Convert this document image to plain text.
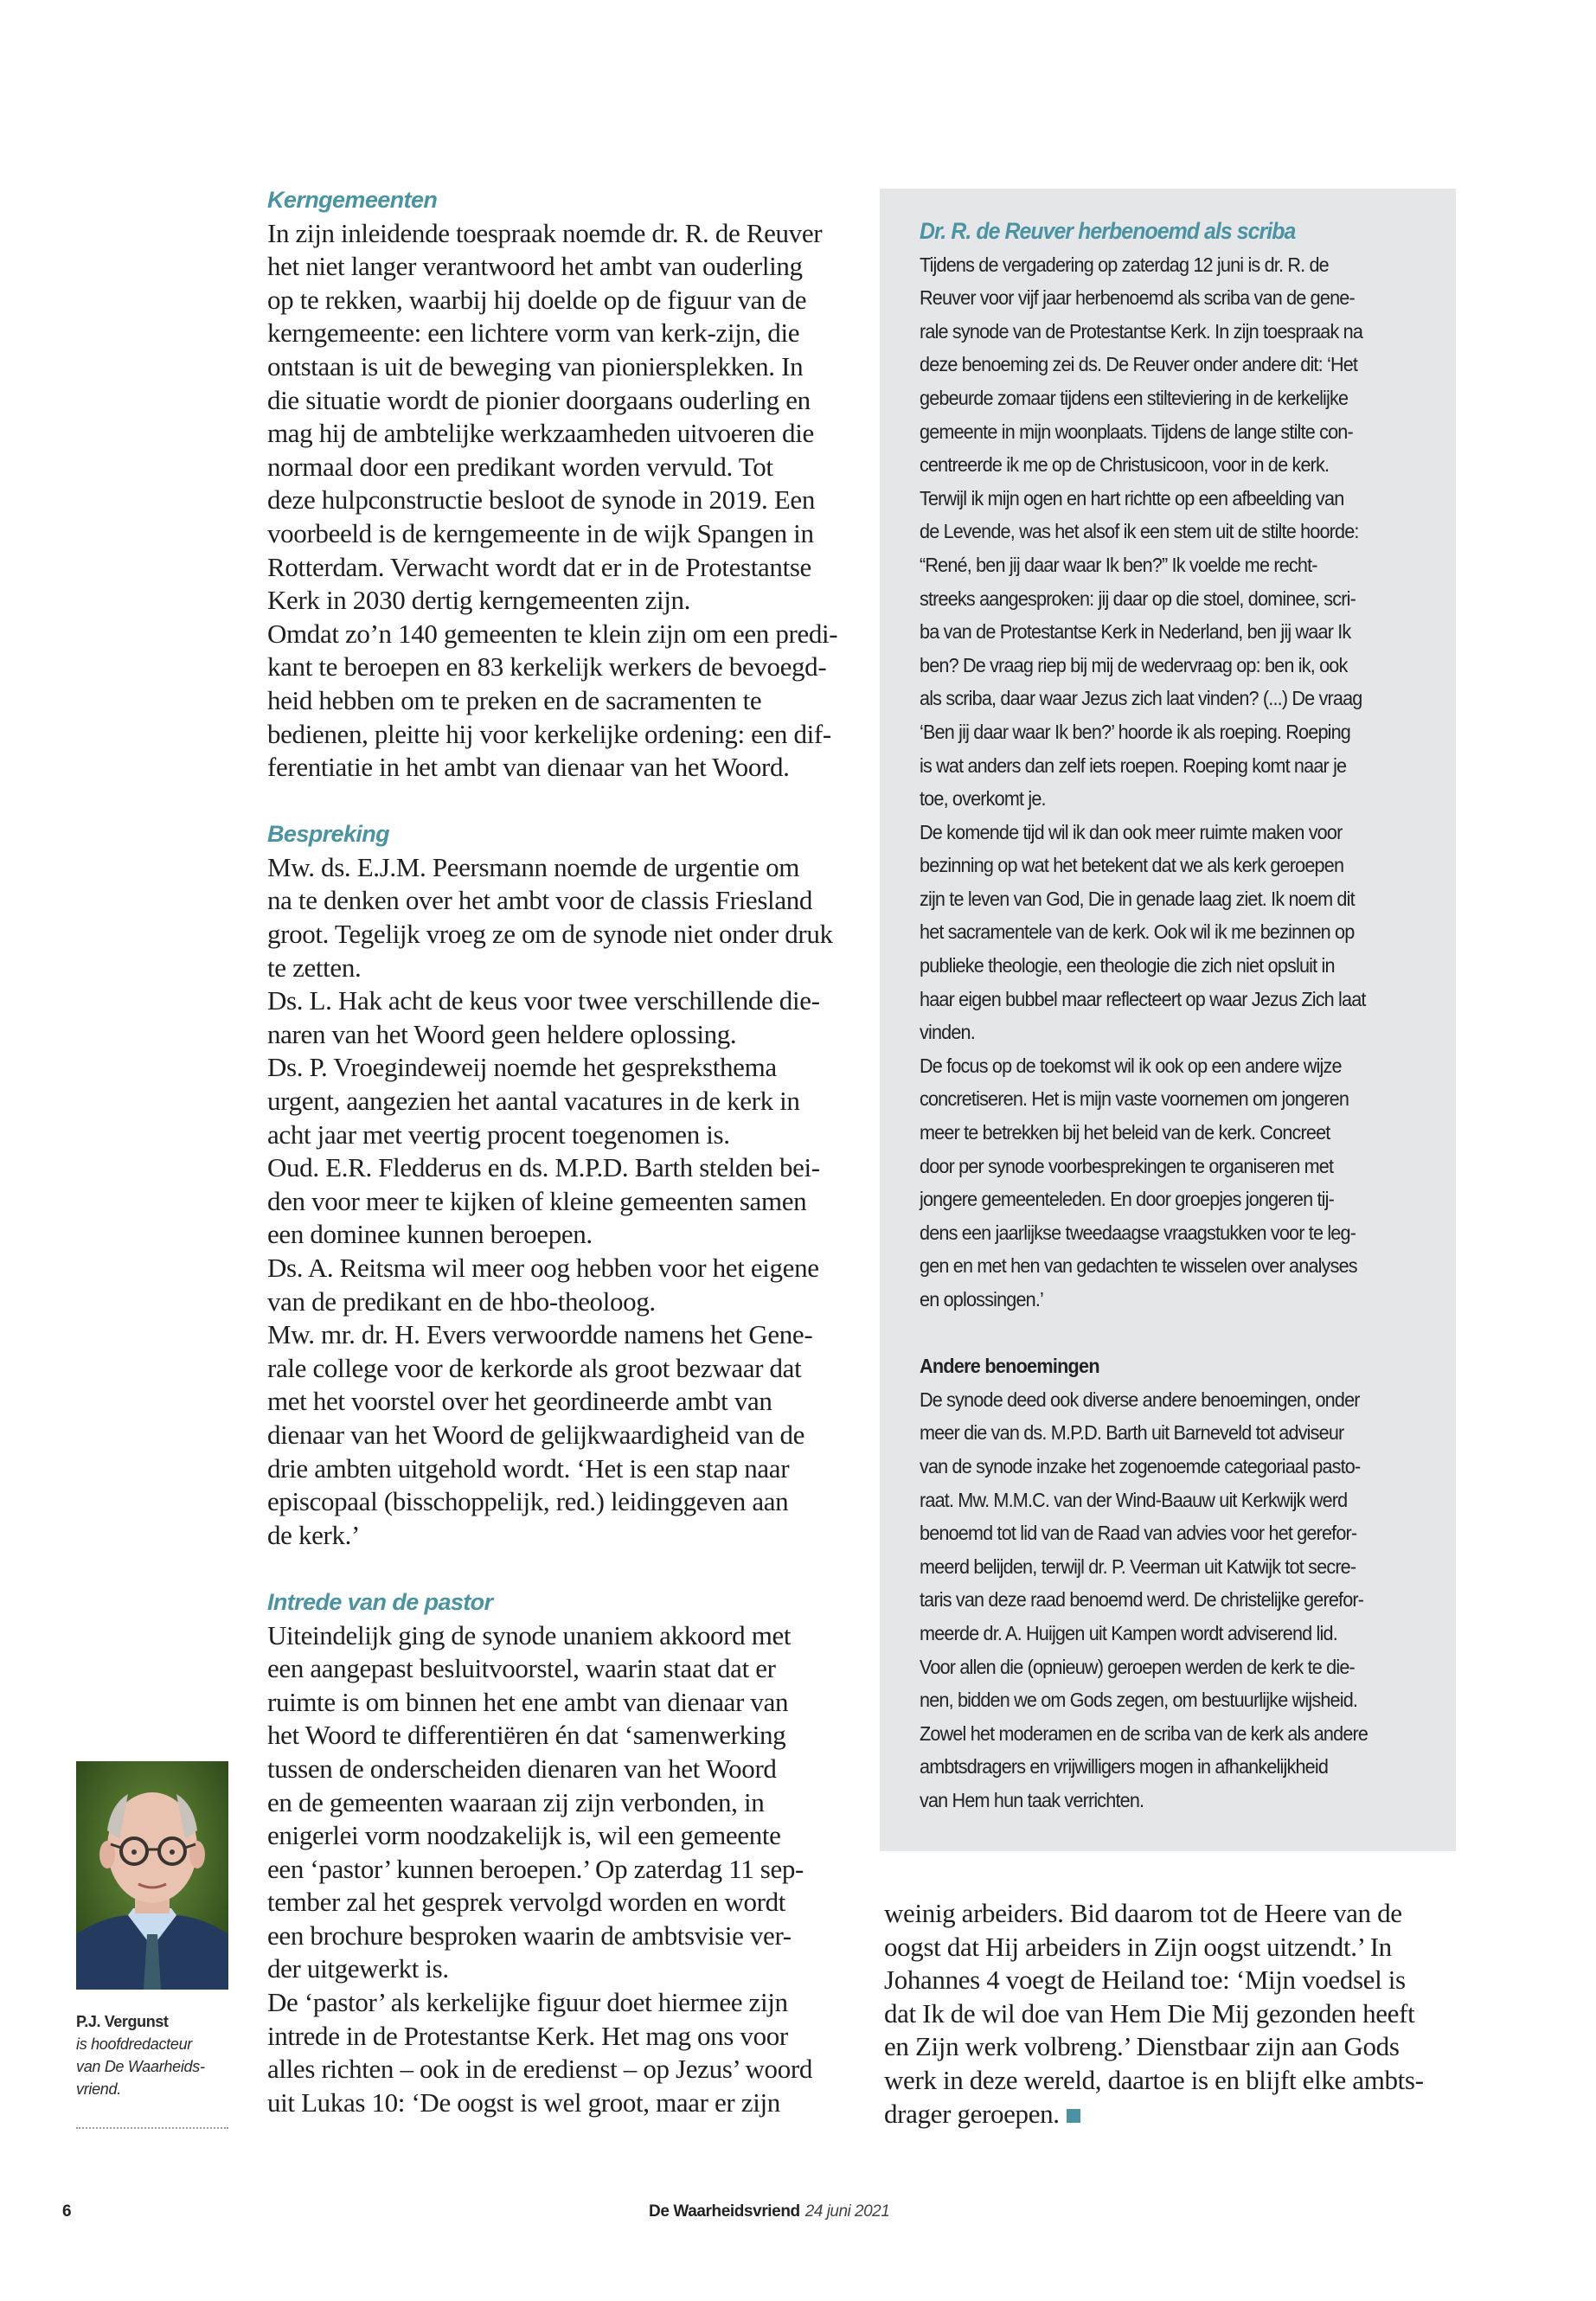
Kerngemeenten
In zijn inleidende toespraak noemde dr. R. de Reuver
het niet langer verantwoord het ambt van ouderling
op te rekken, waarbij hij doelde op de figuur van de
kerngemeente: een lichtere vorm van kerk-zijn, die
ontstaan is uit de beweging van pioniersplekken. In
die situatie wordt de pionier doorgaans ouderling en
mag hij de ambtelijke werkzaamheden uitvoeren die
normaal door een predikant worden vervuld. Tot
deze hulpconstructie besloot de synode in 2019. Een
voorbeeld is de kerngemeente in de wijk Spangen in
Rotterdam. Verwacht wordt dat er in de Protestantse
Kerk in 2030 dertig kerngemeenten zijn.
Omdat zo’n 140 gemeenten te klein zijn om een predi-
kant te beroepen en 83 kerkelijk werkers de bevoegd-
heid hebben om te preken en de sacramenten te
bedienen, pleitte hij voor kerkelijke ordening: een dif-
ferentiatie in het ambt van dienaar van het Woord.
Bespreking
Mw. ds. E.J.M. Peersmann noemde de urgentie om
na te denken over het ambt voor de classis Friesland
groot. Tegelijk vroeg ze om de synode niet onder druk
te zetten.
Ds. L. Hak acht de keus voor twee verschillende die-
naren van het Woord geen heldere oplossing.
Ds. P. Vroegindeweij noemde het gespreksthema
urgent, aangezien het aantal vacatures in de kerk in
acht jaar met veertig procent toegenomen is.
Oud. E.R. Fledderus en ds. M.P.D. Barth stelden bei-
den voor meer te kijken of kleine gemeenten samen
een dominee kunnen beroepen.
Ds. A. Reitsma wil meer oog hebben voor het eigene
van de predikant en de hbo-theoloog.
Mw. mr. dr. H. Evers verwoordde namens het Gene-
rale college voor de kerkorde als groot bezwaar dat
met het voorstel over het geordineerde ambt van
dienaar van het Woord de gelijkwaardigheid van de
drie ambten uitgehold wordt. ‘Het is een stap naar
episcopaal (bisschoppelijk, red.) leidinggeven aan
de kerk.’
Intrede van de pastor
Uiteindelijk ging de synode unaniem akkoord met
een aangepast besluitvoorstel, waarin staat dat er
ruimte is om binnen het ene ambt van dienaar van
het Woord te differentiëren én dat ‘samenwerking
tussen de onderscheiden dienaren van het Woord
en de gemeenten waaraan zij zijn verbonden, in
enigerlei vorm noodzakelijk is, wil een gemeente
een ‘pastor’ kunnen beroepen.’ Op zaterdag 11 sep-
tember zal het gesprek vervolgd worden en wordt
een brochure besproken waarin de ambtsvisie ver-
der uitgewerkt is.
De ‘pastor’ als kerkelijke figuur doet hiermee zijn
intrede in de Protestantse Kerk. Het mag ons voor
alles richten – ook in de eredienst – op Jezus’ woord
uit Lukas 10: ‘De oogst is wel groot, maar er zijn
Dr. R. de Reuver herbenoemd als scriba
Tijdens de vergadering op zaterdag 12 juni is dr. R. de
Reuver voor vijf jaar herbenoemd als scriba van de gene-
rale synode van de Protestantse Kerk. In zijn toespraak na
deze benoeming zei ds. De Reuver onder andere dit: ‘Het
gebeurde zomaar tijdens een stilteviering in de kerkelijke
gemeente in mijn woonplaats. Tijdens de lange stilte con-
centreerde ik me op de Christusicoon, voor in de kerk.
Terwijl ik mijn ogen en hart richtte op een afbeelding van
de Levende, was het alsof ik een stem uit de stilte hoorde:
“René, ben jij daar waar Ik ben?” Ik voelde me recht-
streeks aangesproken: jij daar op die stoel, dominee, scri-
ba van de Protestantse Kerk in Nederland, ben jij waar Ik
ben? De vraag riep bij mij de wedervraag op: ben ik, ook
als scriba, daar waar Jezus zich laat vinden? (...) De vraag
‘Ben jij daar waar Ik ben?’ hoorde ik als roeping. Roeping
is wat anders dan zelf iets roepen. Roeping komt naar je
toe, overkomt je.
De komende tijd wil ik dan ook meer ruimte maken voor
bezinning op wat het betekent dat we als kerk geroepen
zijn te leven van God, Die in genade laag ziet. Ik noem dit
het sacramentele van de kerk. Ook wil ik me bezinnen op
publieke theologie, een theologie die zich niet opsluit in
haar eigen bubbel maar reflecteert op waar Jezus Zich laat
vinden.
De focus op de toekomst wil ik ook op een andere wijze
concretiseren. Het is mijn vaste voornemen om jongeren
meer te betrekken bij het beleid van de kerk. Concreet
door per synode voorbesprekingen te organiseren met
jongere gemeenteleden. En door groepjes jongeren tij-
dens een jaarlijkse tweedaagse vraagstukken voor te leg-
gen en met hen van gedachten te wisselen over analyses
en oplossingen.’
Andere benoemingen
De synode deed ook diverse andere benoemingen, onder
meer die van ds. M.P.D. Barth uit Barneveld tot adviseur
van de synode inzake het zogenoemde categoriaal pasto-
raat. Mw. M.M.C. van der Wind-Baauw uit Kerkwijk werd
benoemd tot lid van de Raad van advies voor het gerefor-
meerd belijden, terwijl dr. P. Veerman uit Katwijk tot secre-
taris van deze raad benoemd werd. De christelijke gerefor-
meerde dr. A. Huijgen uit Kampen wordt adviserend lid.
Voor allen die (opnieuw) geroepen werden de kerk te die-
nen, bidden we om Gods zegen, om bestuurlijke wijsheid.
Zowel het moderamen en de scriba van de kerk als andere
ambtsdragers en vrijwilligers mogen in afhankelijkheid
van Hem hun taak verrichten.
weinig arbeiders. Bid daarom tot de Heere van de
oogst dat Hij arbeiders in Zijn oogst uitzendt.’ In
Johannes 4 voegt de Heiland toe: ‘Mijn voedsel is
dat Ik de wil doe van Hem Die Mij gezonden heeft
en Zijn werk volbreng.’ Dienstbaar zijn aan Gods
werk in deze wereld, daartoe is en blijft elke ambts-
drager geroepen.
P.J. Vergunst
is hoofdredacteur
van De Waarheids-
vriend.
6	De Waarheidsvriend 24 juni 2021
